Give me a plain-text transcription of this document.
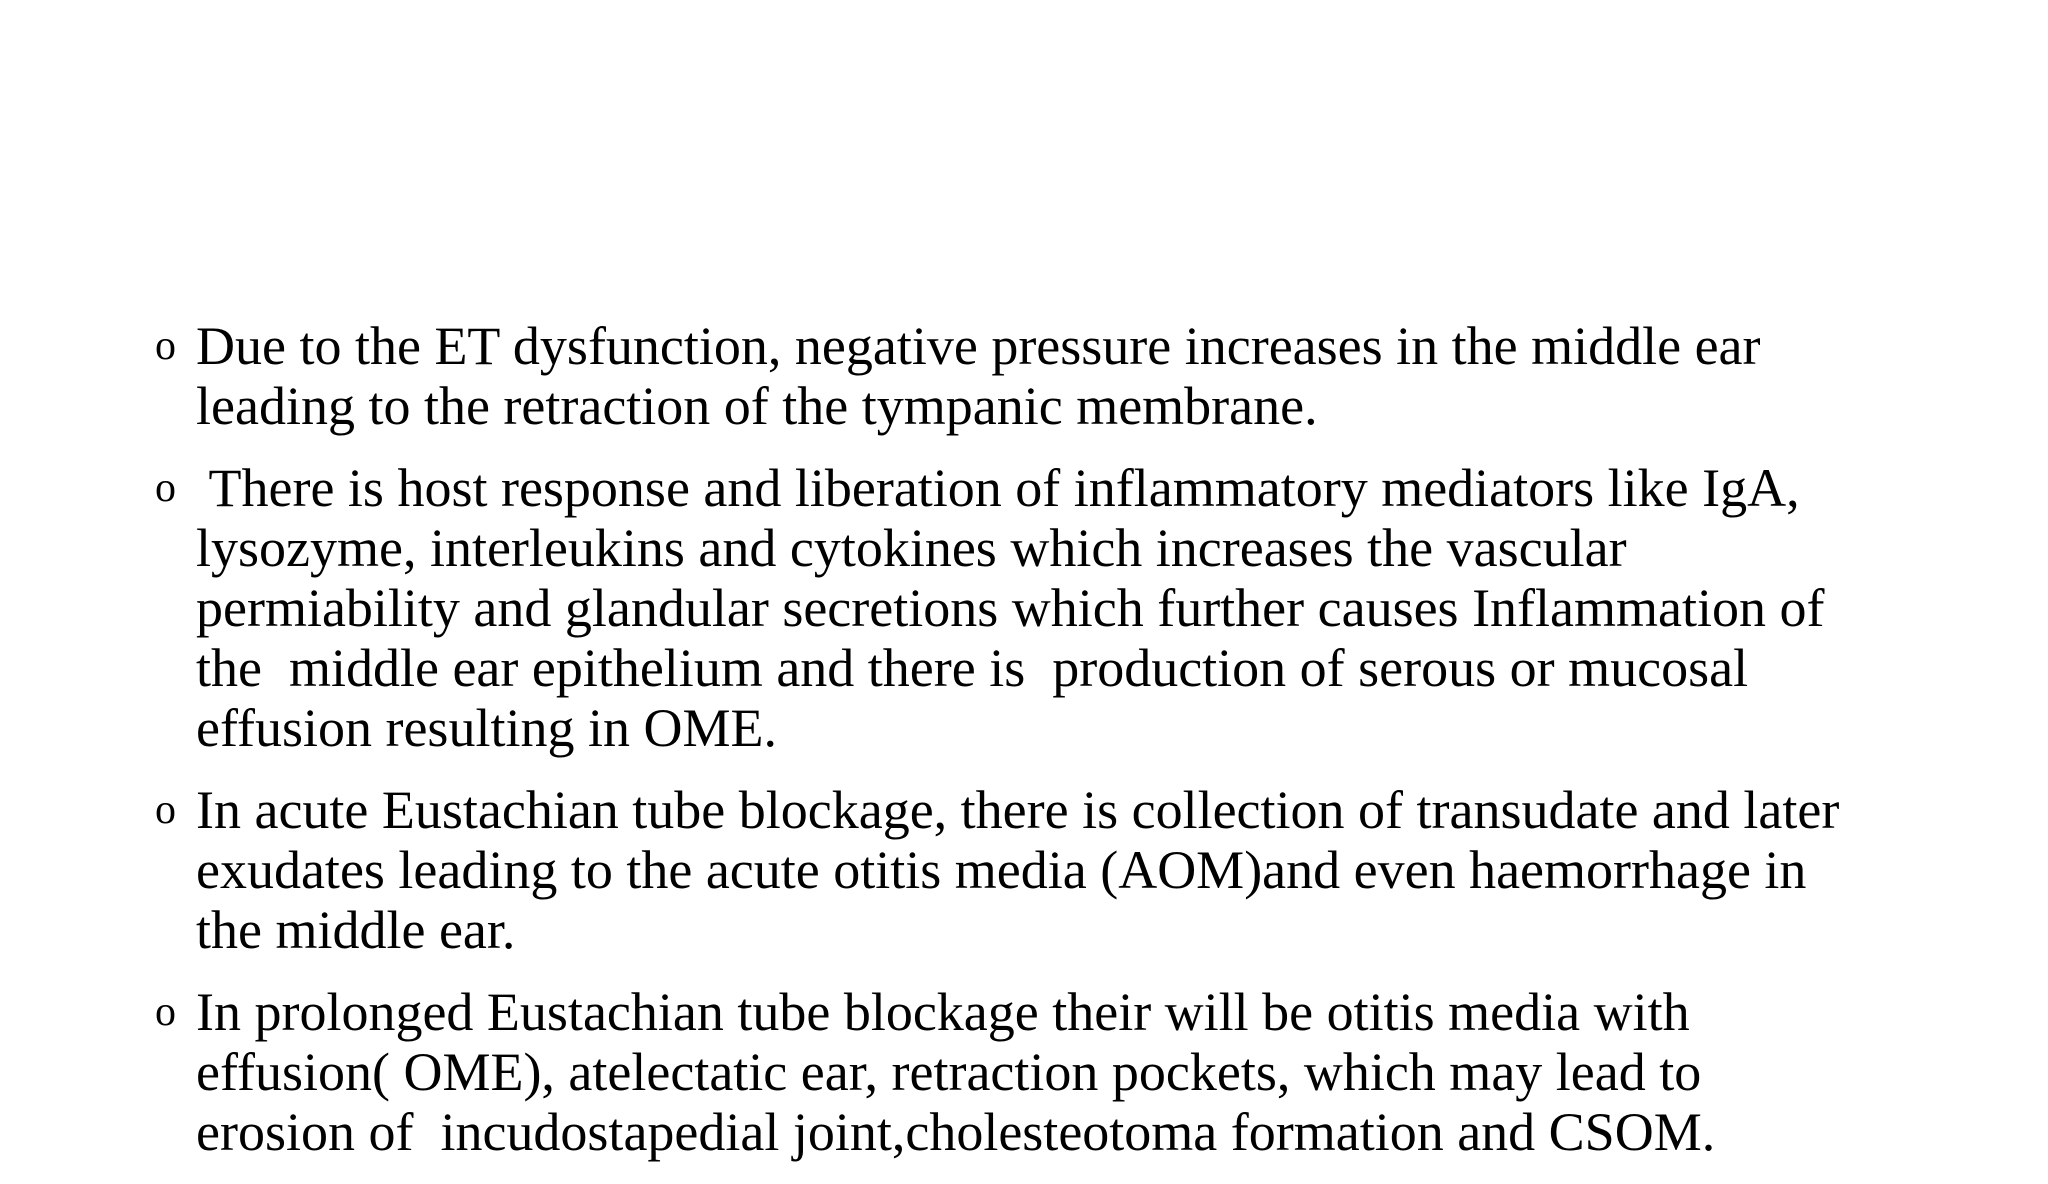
o Due to the ET dysfunction, negative pressure increases in the middle ear
leading to the retraction of the tympanic membrane.
o There is host response and liberation of inflammatory mediators like IgA,
lysozyme, interleukins and cytokines which increases the vascular
permiability and glandular secretions which further causes Inflammation of
the  middle ear epithelium and there is  production of serous or mucosal
effusion resulting in OME.
o In acute Eustachian tube blockage, there is collection of transudate and later
exudates leading to the acute otitis media (AOM)and even haemorrhage in
the middle ear.
o In prolonged Eustachian tube blockage their will be otitis media with
effusion( OME), atelectatic ear, retraction pockets, which may lead to
erosion of  incudostapedial joint,cholesteotoma formation and CSOM.
